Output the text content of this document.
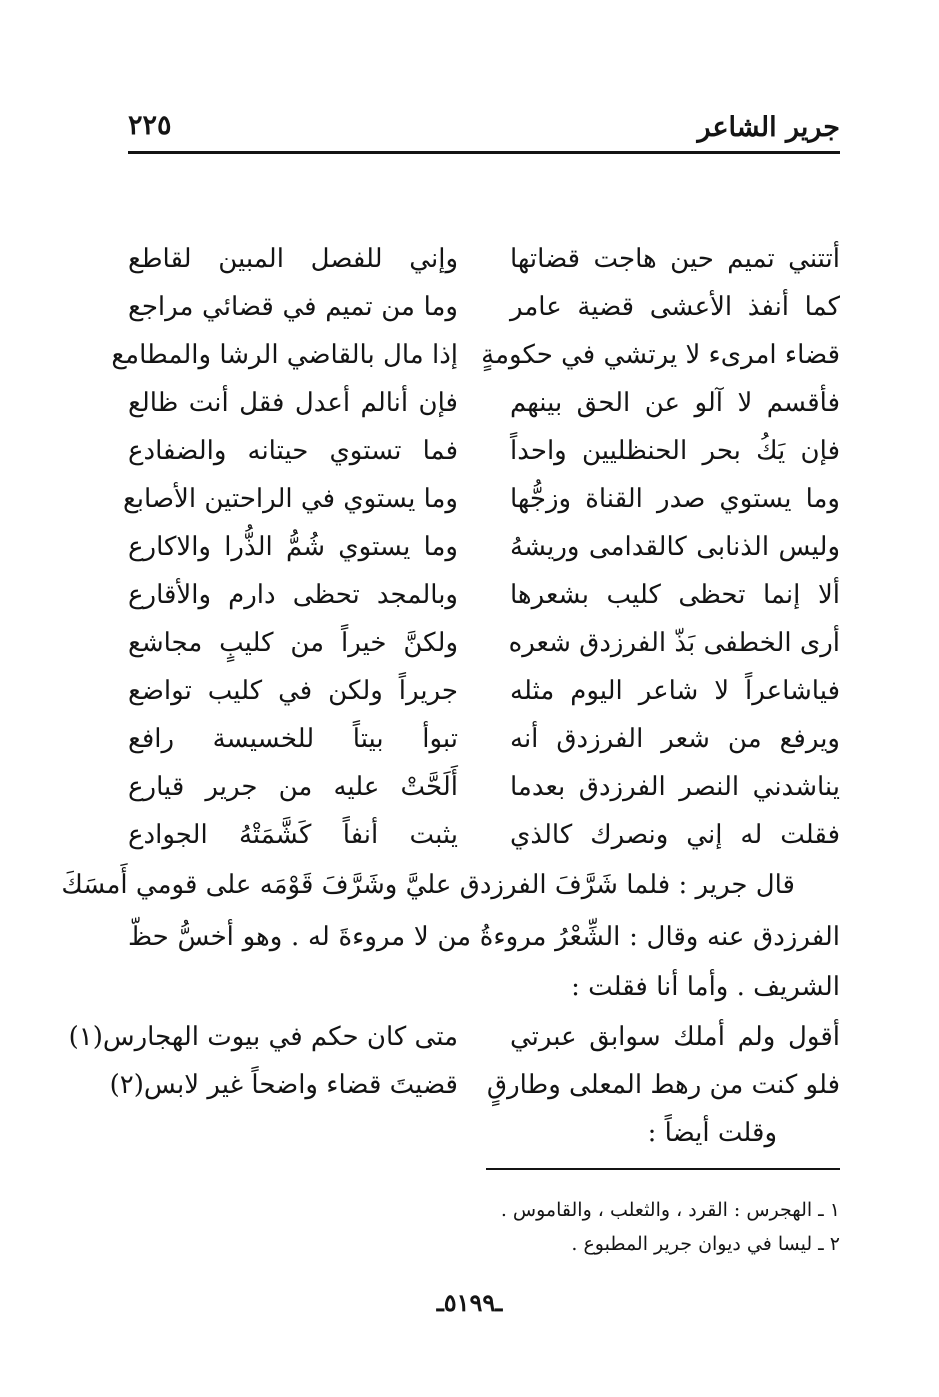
جرير الشاعر
٢٢٥
أتتني تميم حين هاجت قضاتها
وإني للفصل المبين لقاطع
كما أنفذ الأعشى قضية عامر
وما من تميم في قضائي مراجع
قضاء امرىء لا يرتشي في حكومةٍ
إذا مال بالقاضي الرشا والمطامع
فأقسم لا آلو عن الحق بينهم
فإن أنالم أعدل فقل أنت ظالع
فإن يَكُ بحر الحنظليين واحداً
فما تستوي حيتانه والضفادع
وما يستوي صدر القناة وزجُّها
وما يستوي في الراحتين الأصابع
وليس الذنابى كالقدامى وريشهُ
وما يستوي شُمُّ الذُّرا والاكارع
ألا إنما تحظى كليب بشعرها
وبالمجد تحظى دارم والأقارع
أرى الخطفى بَذّ الفرزدق شعره
ولكنَّ خيراً من كليبٍ مجاشع
فياشاعراً لا شاعر اليوم مثله
جريراً ولكن في كليب تواضع
ويرفع من شعر الفرزدق أنه
تبوأ بيتاً للخسيسة رافع
يناشدني النصر الفرزدق بعدما
أَلَحَّتْ عليه من جرير قيارع
فقلت له إني ونصرك كالذي
يثبت أنفاً كَشَّمَتْهُ الجوادع
قال جرير : فلما شَرَّفَ الفرزدق عليَّ وشَرَّفَ قَوْمَه على قومي أَمسَكَ
الفرزدق عنه وقال : الشِّعْرُ مروءةُ من لا مروءةَ له . وهو أخسُّ حظّ
الشريف . وأما أنا فقلت :
أقول ولم أملك سوابق عبرتي
متى كان حكم في بيوت الهجارس(١)
فلو كنت من رهط المعلى وطارقٍ
قضيتَ قضاء واضحاً غير لابس(٢)
وقلت أيضاً :
١ ـ الهجرس : القرد ، والثعلب ، والقاموس .
٢ ـ ليسا في ديوان جرير المطبوع .
ـ٥١٩٩ـ
